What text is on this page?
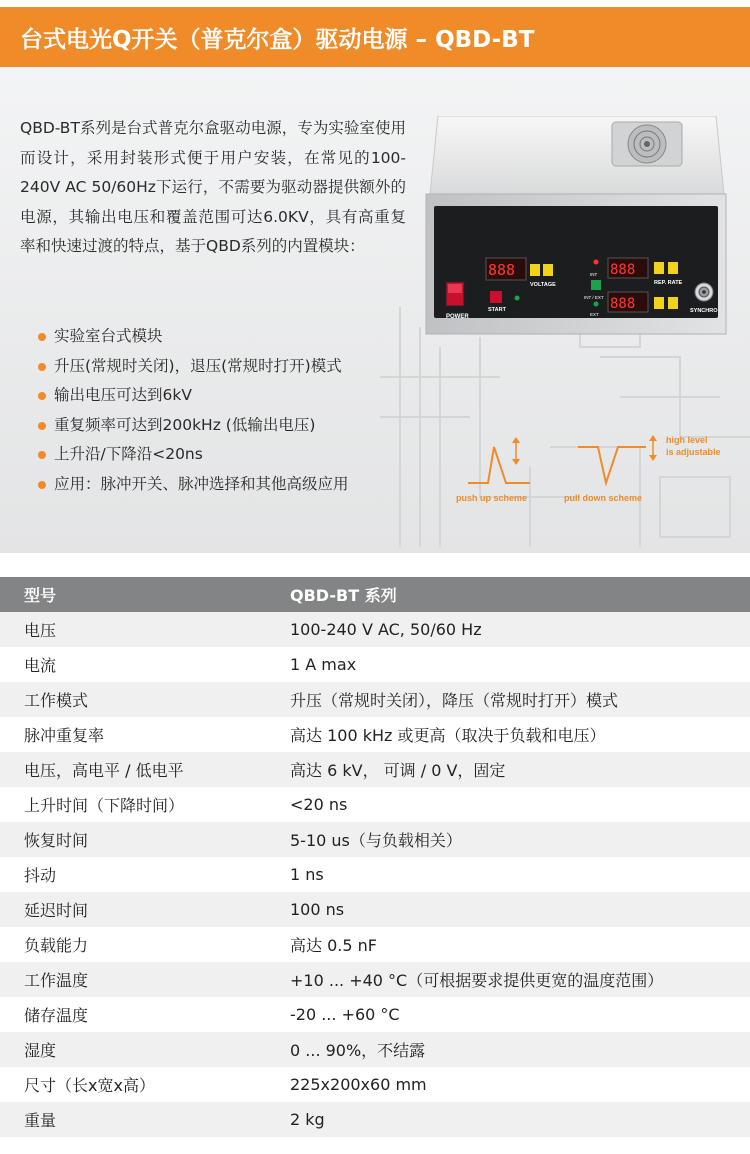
台式电光Q开关（普克尔盒）驱动电源 – QBD-BT

QBD-BT系列是台式普克尔盒驱动电源，专为实验室使用而设计，采用封装形式便于用户安装，在常见的100-240V AC 50/60Hz下运行，不需要为驱动器提供额外的电源，其输出电压和覆盖范围可达6.0KV，具有高重复率和快速过渡的特点，基于QBD系列的内置模块：

实验室台式模块
升压(常规时关闭)，退压(常规时打开)模式
输出电压可达到6kV
重复频率可达到200kHz (低输出电压)
上升沿/下降沿<20ns
应用：脉冲开关、脉冲选择和其他高级应用
POWER
888
VOLTAGE
START
INT
INT / EXT
EXT
888
REP. RATE
888	SYNCHRO
push up scheme	pull down scheme
high level
is adjustable
型号	QBD-BT 系列
电压	100-240 V AC, 50/60 Hz
电流	1 A max
工作模式	升压（常规时关闭），降压（常规时打开）模式
脉冲重复率	高达 100 kHz 或更高（取决于负载和电压）
电压，高电平 / 低电平	高达 6 kV， 可调 / 0 V，固定
上升时间（下降时间）	<20 ns
恢复时间	5-10 us（与负载相关）
抖动	1 ns
延迟时间	100 ns
负载能力	高达 0.5 nF
工作温度	+10 ... +40 °C（可根据要求提供更宽的温度范围）
储存温度	-20 ... +60 °C
湿度	0 ... 90%，不结露
尺寸（长x宽x高）	225x200x60 mm
重量	2 kg
